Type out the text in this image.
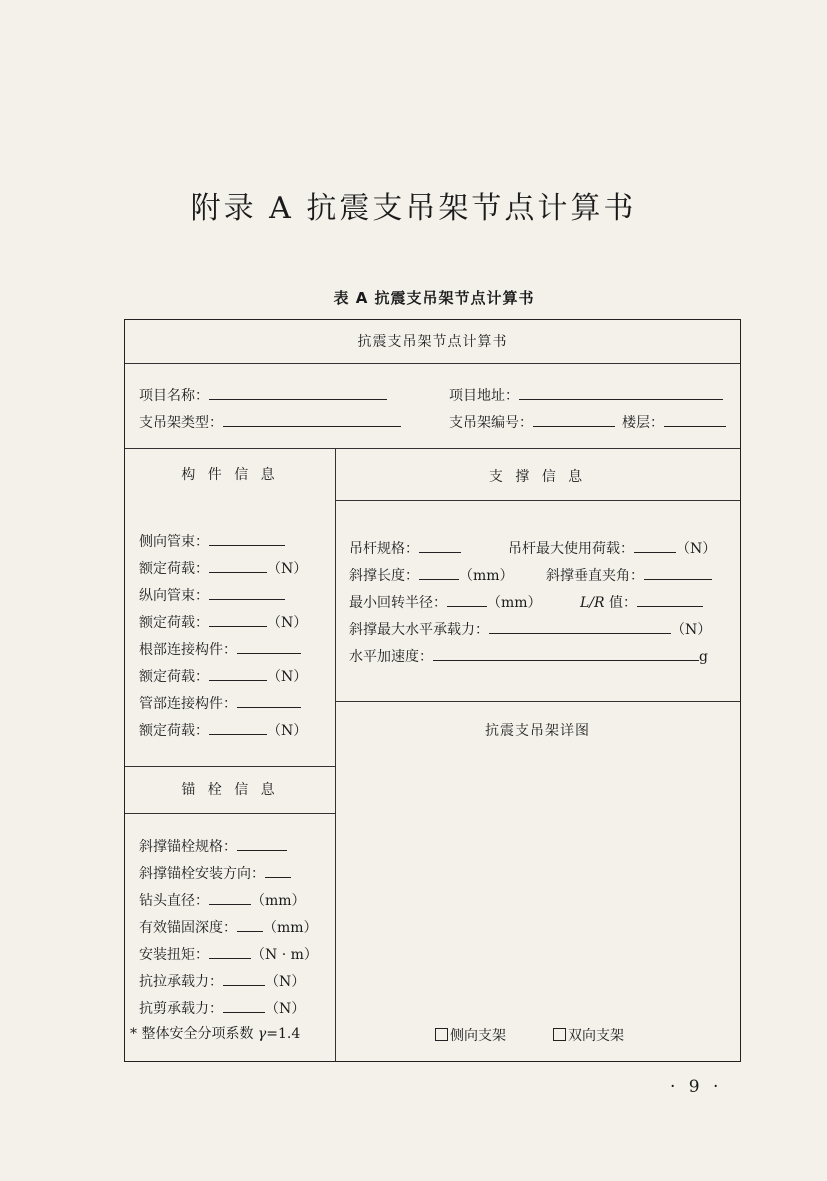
附录 A 抗震支吊架节点计算书
表 A 抗震支吊架节点计算书
抗震支吊架节点计算书
项目名称：	项目地址：
支吊架类型：	支吊架编号：	楼层：
构 件 信 息
侧向管束：
额定荷载：	（N）
纵向管束：
额定荷载：	（N）
根部连接构件：
额定荷载：	（N）
管部连接构件：
额定荷载：	（N）
支 撑 信 息
吊杆规格：	吊杆最大使用荷载：	（N）
斜撑长度：	（mm） 斜撑垂直夹角：
最小回转半径：	（mm）	L/R 值：
斜撑最大水平承载力：	（N）
水平加速度：	g
抗震支吊架详图
侧向支架	双向支架
锚 栓 信 息
斜撑锚栓规格：
斜撑锚栓安装方向：
钻头直径：	（mm）
有效锚固深度： （mm）
安装扭矩：	（N · m）
抗拉承载力：	（N）
抗剪承载力：	（N）
* 整体安全分项系数 γ=1.4
· 9 ·
